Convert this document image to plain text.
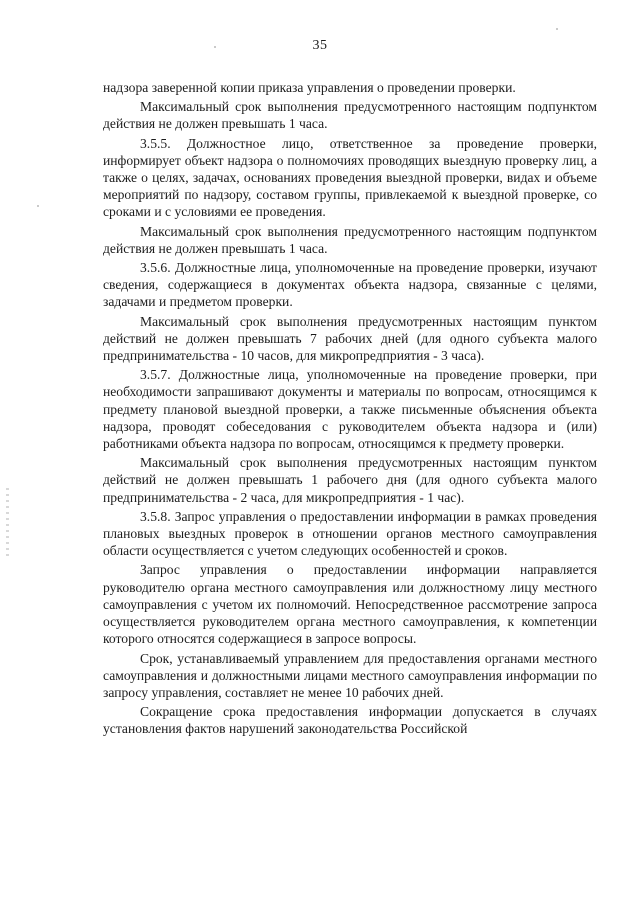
35

надзора заверенной копии приказа управления о проведении проверки.

Максимальный срок выполнения предусмотренного настоящим подпунктом действия не должен превышать 1 часа.

3.5.5. Должностное лицо, ответственное за проведение проверки, информирует объект надзора о полномочиях проводящих выездную проверку лиц, а также о целях, задачах, основаниях проведения выездной проверки, видах и объеме мероприятий по надзору, составом группы, привлекаемой к выездной проверке, со сроками и с условиями ее проведения.

Максимальный срок выполнения предусмотренного настоящим подпунктом действия не должен превышать 1 часа.

3.5.6. Должностные лица, уполномоченные на проведение проверки, изучают сведения, содержащиеся в документах объекта надзора, связанные с целями, задачами и предметом проверки.

Максимальный срок выполнения предусмотренных настоящим пунктом действий не должен превышать 7 рабочих дней (для одного субъекта малого предпринимательства - 10 часов, для микропредприятия - 3 часа).

3.5.7. Должностные лица, уполномоченные на проведение проверки, при необходимости запрашивают документы и материалы по вопросам, относящимся к предмету плановой выездной проверки, а также письменные объяснения объекта надзора, проводят собеседования с руководителем объекта надзора и (или) работниками объекта надзора по вопросам, относящимся к предмету проверки.

Максимальный срок выполнения предусмотренных настоящим пунктом действий не должен превышать 1 рабочего дня (для одного субъекта малого предпринимательства - 2 часа, для микропредприятия - 1 час).

3.5.8. Запрос управления о предоставлении информации в рамках проведения плановых выездных проверок в отношении органов местного самоуправления области осуществляется с учетом следующих особенностей и сроков.

Запрос управления о предоставлении информации направляется руководителю органа местного самоуправления или должностному лицу местного самоуправления с учетом их полномочий. Непосредственное рассмотрение запроса осуществляется руководителем органа местного самоуправления, к компетенции которого относятся содержащиеся в запросе вопросы.

Срок, устанавливаемый управлением для предоставления органами местного самоуправления и должностными лицами местного самоуправления информации по запросу управления, составляет не менее 10 рабочих дней.

Сокращение срока предоставления информации допускается в случаях установления фактов нарушений законодательства Российской
